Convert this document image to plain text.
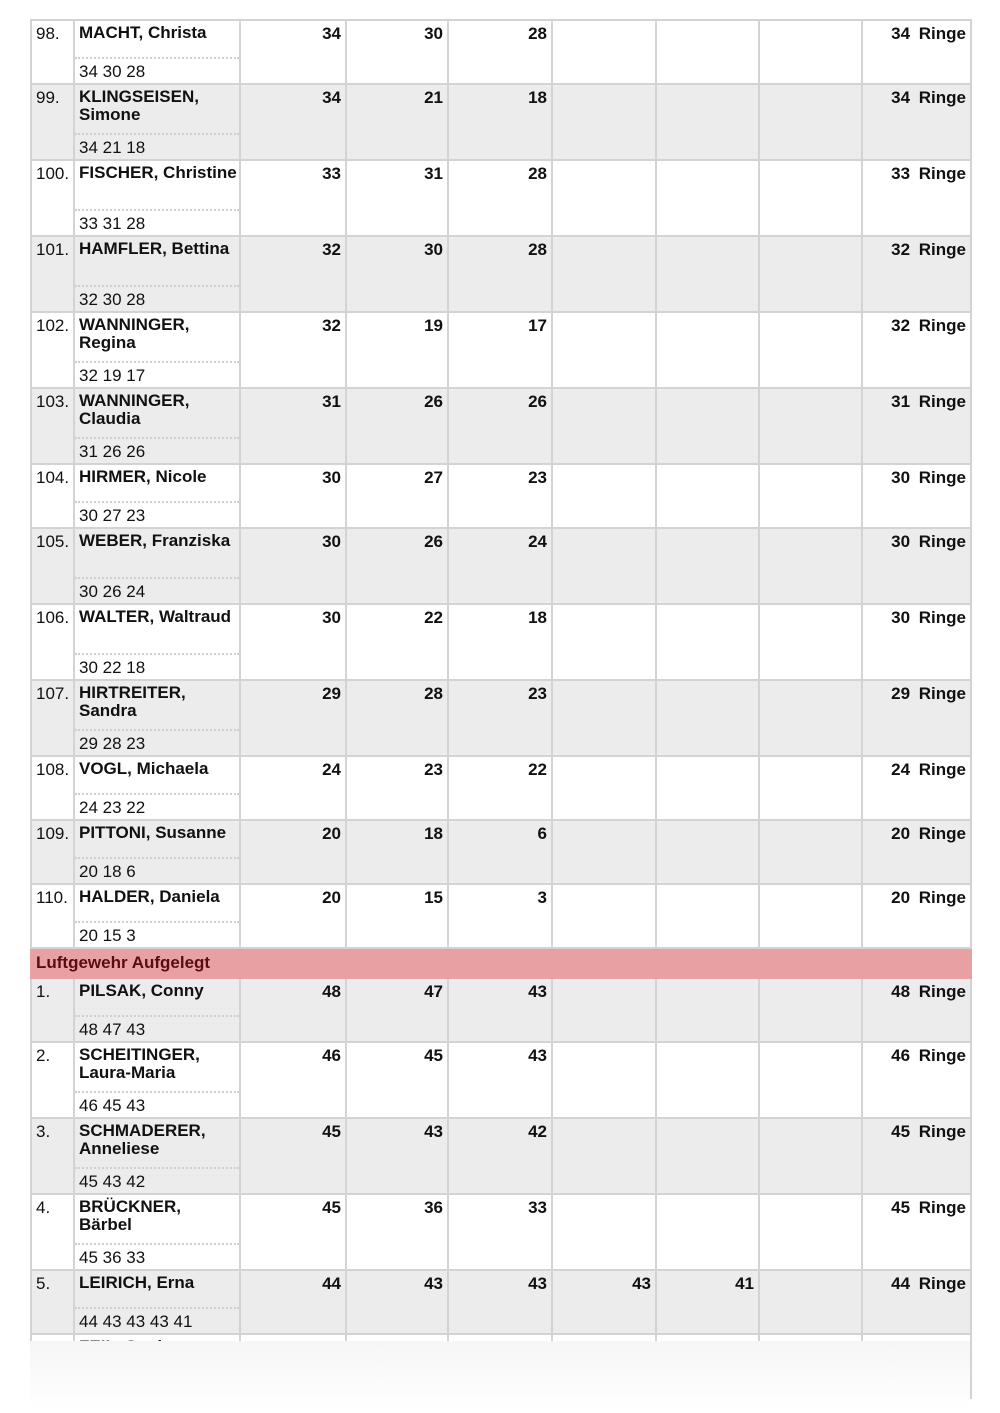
98.	MACHT, Christa
34 30 28	34	30	28				34 Ringe
99.	KLINGSEISEN, Simone
34 21 18	34	21	18				34 Ringe
100.	FISCHER, Christine
33 31 28	33	31	28				33 Ringe
101.	HAMFLER, Bettina
32 30 28	32	30	28				32 Ringe
102.	WANNINGER, Regina
32 19 17	32	19	17				32 Ringe
103.	WANNINGER, Claudia
31 26 26	31	26	26				31 Ringe
104.	HIRMER, Nicole
30 27 23	30	27	23				30 Ringe
105.	WEBER, Franziska
30 26 24	30	26	24				30 Ringe
106.	WALTER, Waltraud
30 22 18	30	22	18				30 Ringe
107.	HIRTREITER, Sandra
29 28 23	29	28	23				29 Ringe
108.	VOGL, Michaela
24 23 22	24	23	22				24 Ringe
109.	PITTONI, Susanne
20 18 6	20	18	6				20 Ringe
110.	HALDER, Daniela
20 15 3	20	15	3				20 Ringe
Luftgewehr Aufgelegt								
1.	PILSAK, Conny
48 47 43	48	47	43				48 Ringe
2.	SCHEITINGER, Laura-Maria
46 45 43	46	45	43				46 Ringe
3.	SCHMADERER, Anneliese
45 43 42	45	43	42				45 Ringe
4.	BRÜCKNER, Bärbel
45 36 33	45	36	33				45 Ringe
5.	LEIRICH, Erna
44 43 43 43 41	44	43	43	43	41		44 Ringe
